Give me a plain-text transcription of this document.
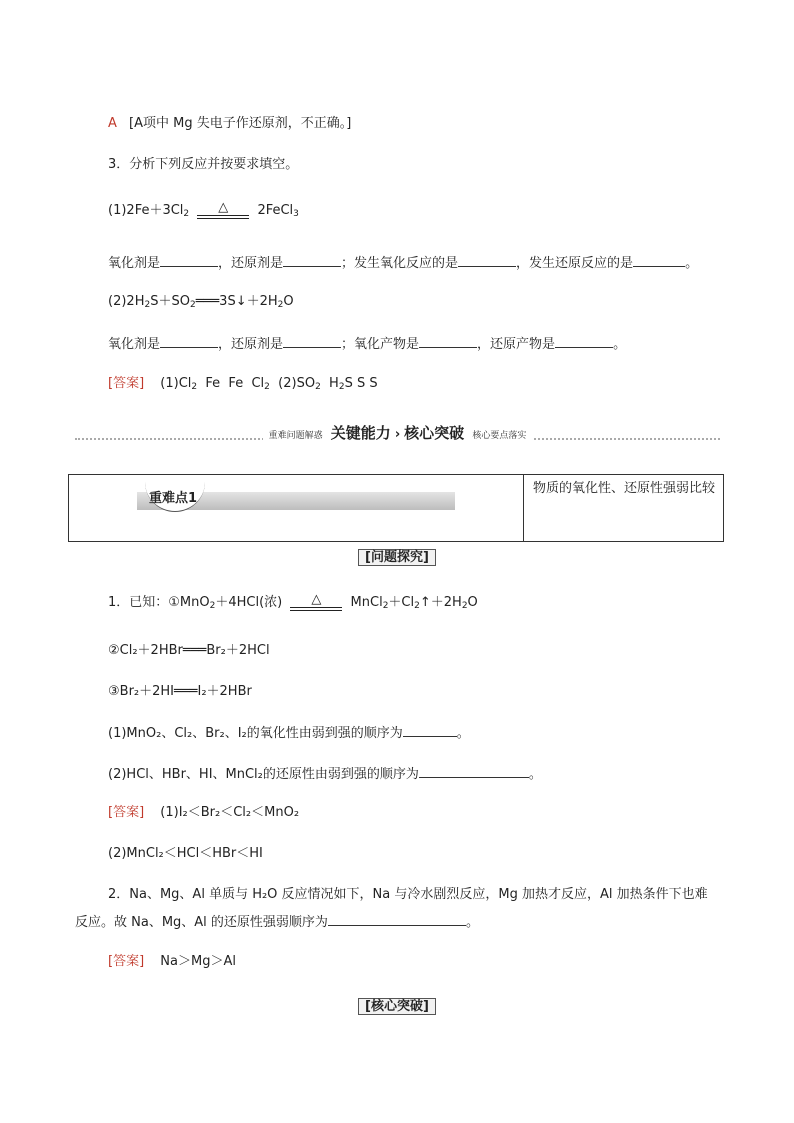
A [A项中 Mg 失电子作还原剂，不正确。]
3．分析下列反应并按要求填空。
$(1)2Fe+3Cl_2$	△	2FeCl$_3$
氧化剂是	，还原剂是	；发生氧化反应的是	，发生还原反应的是	。
$(2)2H_2S+SO_2═══3S↓+2H_2O$
氧化剂是	，还原剂是	；氧化产物是	，还原产物是	。
[答案] $(1)Cl_2$  Fe  Fe  $Cl_2$  $(2)SO_2$  $H_2S$ S S
重难问题解惑 关键能力 › 核心突破 核心要点落实
重难点1
物质的氧化性、还原性强弱比较
[问题探究]
1．已知：①MnO$_2$＋4HCl(浓)	△	$MnCl_2+Cl_2↑+2H_2O$
②Cl₂＋2HBr═══Br₂＋2HCl
③Br₂＋2HI═══I₂＋2HBr
(1)MnO₂、Cl₂、Br₂、I₂的氧化性由弱到强的顺序为	。
(2)HCl、HBr、HI、MnCl₂的还原性由弱到强的顺序为	。
[答案] (1)I₂＜Br₂＜Cl₂＜MnO₂
(2)MnCl₂＜HCl＜HBr＜HI
2．Na、Mg、Al 单质与 H₂O 反应情况如下，Na 与冷水剧烈反应，Mg 加热才反应，Al 加热条件下也难
反应。故 Na、Mg、Al 的还原性强弱顺序为	。
[答案] Na＞Mg＞Al
[核心突破]
